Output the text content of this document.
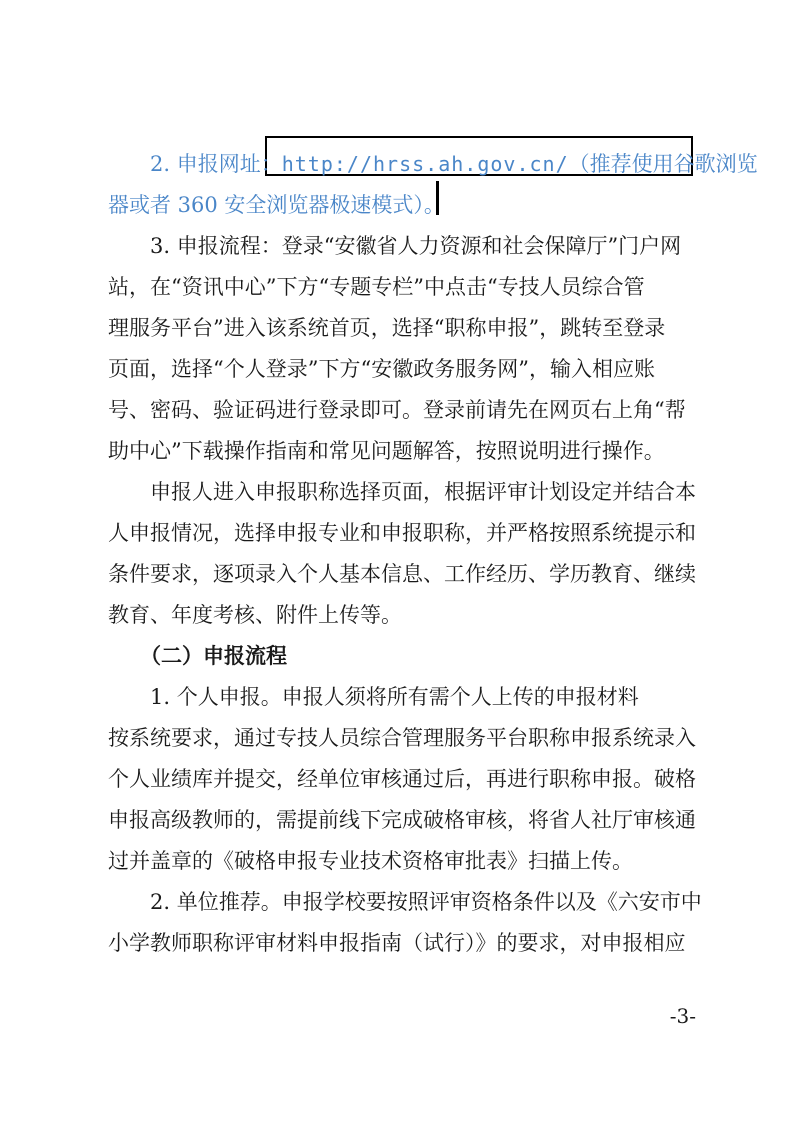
2. 申报网址：http://hrss.ah.gov.cn/（推荐使用谷歌浏览
器或者 360 安全浏览器极速模式）。
3. 申报流程：登录“安徽省人力资源和社会保障厅”门户网
站，在“资讯中心”下方“专题专栏”中点击“专技人员综合管
理服务平台”进入该系统首页，选择“职称申报”，跳转至登录
页面，选择“个人登录”下方“安徽政务服务网”，输入相应账
号、密码、验证码进行登录即可。登录前请先在网页右上角“帮
助中心”下载操作指南和常见问题解答，按照说明进行操作。
申报人进入申报职称选择页面，根据评审计划设定并结合本
人申报情况，选择申报专业和申报职称，并严格按照系统提示和
条件要求，逐项录入个人基本信息、工作经历、学历教育、继续
教育、年度考核、附件上传等。
（二）申报流程
1. 个人申报。申报人须将所有需个人上传的申报材料
按系统要求，通过专技人员综合管理服务平台职称申报系统录入
个人业绩库并提交，经单位审核通过后，再进行职称申报。破格
申报高级教师的，需提前线下完成破格审核，将省人社厅审核通
过并盖章的《破格申报专业技术资格审批表》扫描上传。
2. 单位推荐。申报学校要按照评审资格条件以及《六安市中
小学教师职称评审材料申报指南（试行）》的要求，对申报相应
-3-
